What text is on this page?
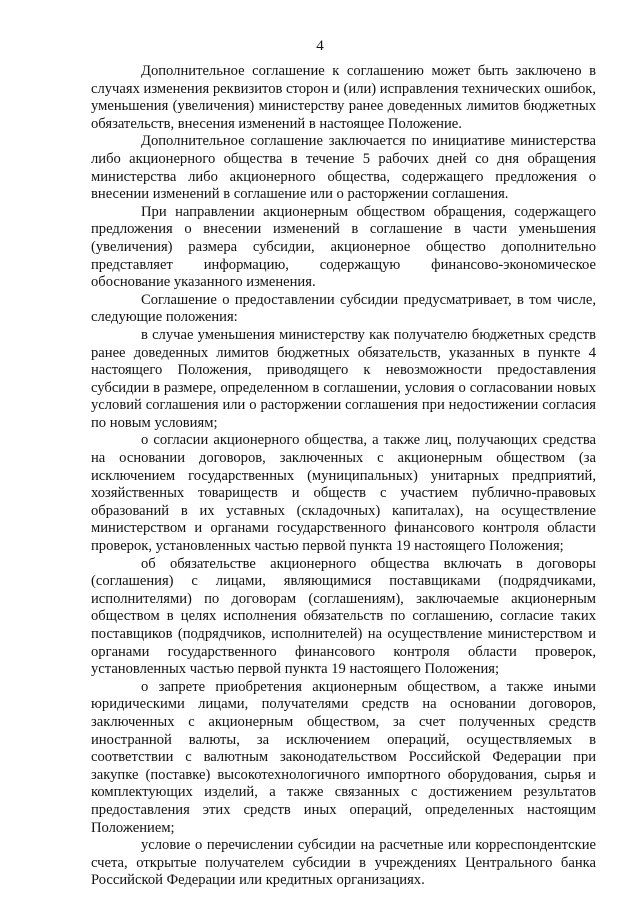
4

Дополнительное соглашение к соглашению может быть заключено в случаях изменения реквизитов сторон и (или) исправления технических ошибок, уменьшения (увеличения) министерству ранее доведенных лимитов бюджетных обязательств, внесения изменений в настоящее Положение.

Дополнительное соглашение заключается по инициативе министерства либо акционерного общества в течение 5 рабочих дней со дня обращения министерства либо акционерного общества, содержащего предложения о внесении изменений в соглашение или о расторжении соглашения.

При направлении акционерным обществом обращения, содержащего предложения о внесении изменений в соглашение в части уменьшения (увеличения) размера субсидии, акционерное общество дополнительно представляет информацию, содержащую финансово-экономическое обоснование указанного изменения.

Соглашение о предоставлении субсидии предусматривает, в том числе, следующие положения:

в случае уменьшения министерству как получателю бюджетных средств ранее доведенных лимитов бюджетных обязательств, указанных в пункте 4 настоящего Положения, приводящего к невозможности предоставления субсидии в размере, определенном в соглашении, условия о согласовании новых условий соглашения или о расторжении соглашения при недостижении согласия по новым условиям;

о согласии акционерного общества, а также лиц, получающих средства на основании договоров, заключенных с акционерным обществом (за исключением государственных (муниципальных) унитарных предприятий, хозяйственных товариществ и обществ с участием публично-правовых образований в их уставных (складочных) капиталах), на осуществление министерством и органами государственного финансового контроля области проверок, установленных частью первой пункта 19 настоящего Положения;

об обязательстве акционерного общества включать в договоры (соглашения) с лицами, являющимися поставщиками (подрядчиками, исполнителями) по договорам (соглашениям), заключаемые акционерным обществом в целях исполнения обязательств по соглашению, согласие таких поставщиков (подрядчиков, исполнителей) на осуществление министерством и органами государственного финансового контроля области проверок, установленных частью первой пункта 19 настоящего Положения;

о запрете приобретения акционерным обществом, а также иными юридическими лицами, получателями средств на основании договоров, заключенных с акционерным обществом, за счет полученных средств иностранной валюты, за исключением операций, осуществляемых в соответствии с валютным законодательством Российской Федерации при закупке (поставке) высокотехнологичного импортного оборудования, сырья и комплектующих изделий, а также связанных с достижением результатов предоставления этих средств иных операций, определенных настоящим Положением;

условие о перечислении субсидии на расчетные или корреспондентские счета, открытые получателем субсидии в учреждениях Центрального банка Российской Федерации или кредитных организациях.
